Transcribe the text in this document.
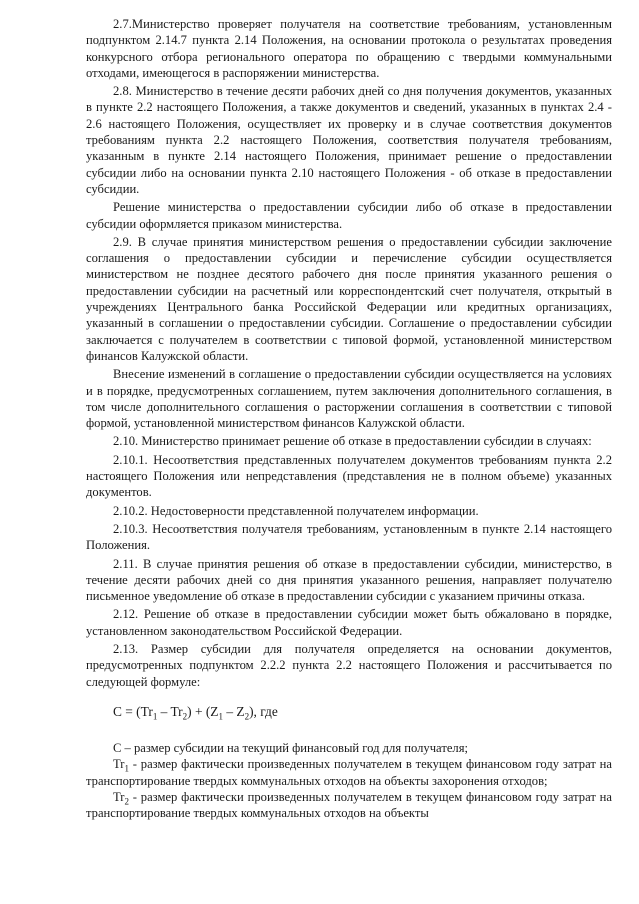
2.7.Министерство проверяет получателя на соответствие требованиям, установленным подпунктом 2.14.7 пункта 2.14 Положения, на основании протокола о результатах проведения конкурсного отбора регионального оператора по обращению с твердыми коммунальными отходами, имеющегося в распоряжении министерства.

2.8. Министерство в течение десяти рабочих дней со дня получения документов, указанных в пункте 2.2 настоящего Положения, а также документов и сведений, указанных в пунктах 2.4 - 2.6 настоящего Положения, осуществляет их проверку и в случае соответствия документов требованиям пункта 2.2 настоящего Положения, соответствия получателя требованиям, указанным в пункте 2.14 настоящего Положения, принимает решение о предоставлении субсидии либо на основании пункта 2.10 настоящего Положения - об отказе в предоставлении субсидии.

Решение министерства о предоставлении субсидии либо об отказе в предоставлении субсидии оформляется приказом министерства.

2.9. В случае принятия министерством решения о предоставлении субсидии заключение соглашения о предоставлении субсидии и перечисление субсидии осуществляется министерством не позднее десятого рабочего дня после принятия указанного решения о предоставлении субсидии на расчетный или корреспондентский счет получателя, открытый в учреждениях Центрального банка Российской Федерации или кредитных организациях, указанный в соглашении о предоставлении субсидии. Соглашение о предоставлении субсидии заключается с получателем в соответствии с типовой формой, установленной министерством финансов Калужской области.

Внесение изменений в соглашение о предоставлении субсидии осуществляется на условиях и в порядке, предусмотренных соглашением, путем заключения дополнительного соглашения, в том числе дополнительного соглашения о расторжении соглашения в соответствии с типовой формой, установленной министерством финансов Калужской области.

2.10. Министерство принимает решение об отказе в предоставлении субсидии в случаях:

2.10.1. Несоответствия представленных получателем документов требованиям пункта 2.2 настоящего Положения или непредставления (представления не в полном объеме) указанных документов.

2.10.2. Недостоверности представленной получателем информации.

2.10.3. Несоответствия получателя требованиям, установленным в пункте 2.14 настоящего Положения.

2.11. В случае принятия решения об отказе в предоставлении субсидии, министерство, в течение десяти рабочих дней со дня принятия указанного решения, направляет получателю письменное уведомление об отказе в предоставлении субсидии с указанием причины отказа.

2.12. Решение об отказе в предоставлении субсидии может быть обжаловано в порядке, установленном законодательством Российской Федерации.

2.13. Размер субсидии для получателя определяется на основании документов, предусмотренных подпунктом 2.2.2 пункта 2.2 настоящего Положения и рассчитывается по следующей формуле:

$C = (Tr_1 - Tr_2) + (Z_1 - Z_2)$, где

C – размер субсидии на текущий финансовый год для получателя;

$Tr_1$ - размер фактически произведенных получателем в текущем финансовом году затрат на транспортирование твердых коммунальных отходов на объекты захоронения отходов;

$Tr_2$ - размер фактически произведенных получателем в текущем финансовом году затрат на транспортирование твердых коммунальных отходов на объекты
